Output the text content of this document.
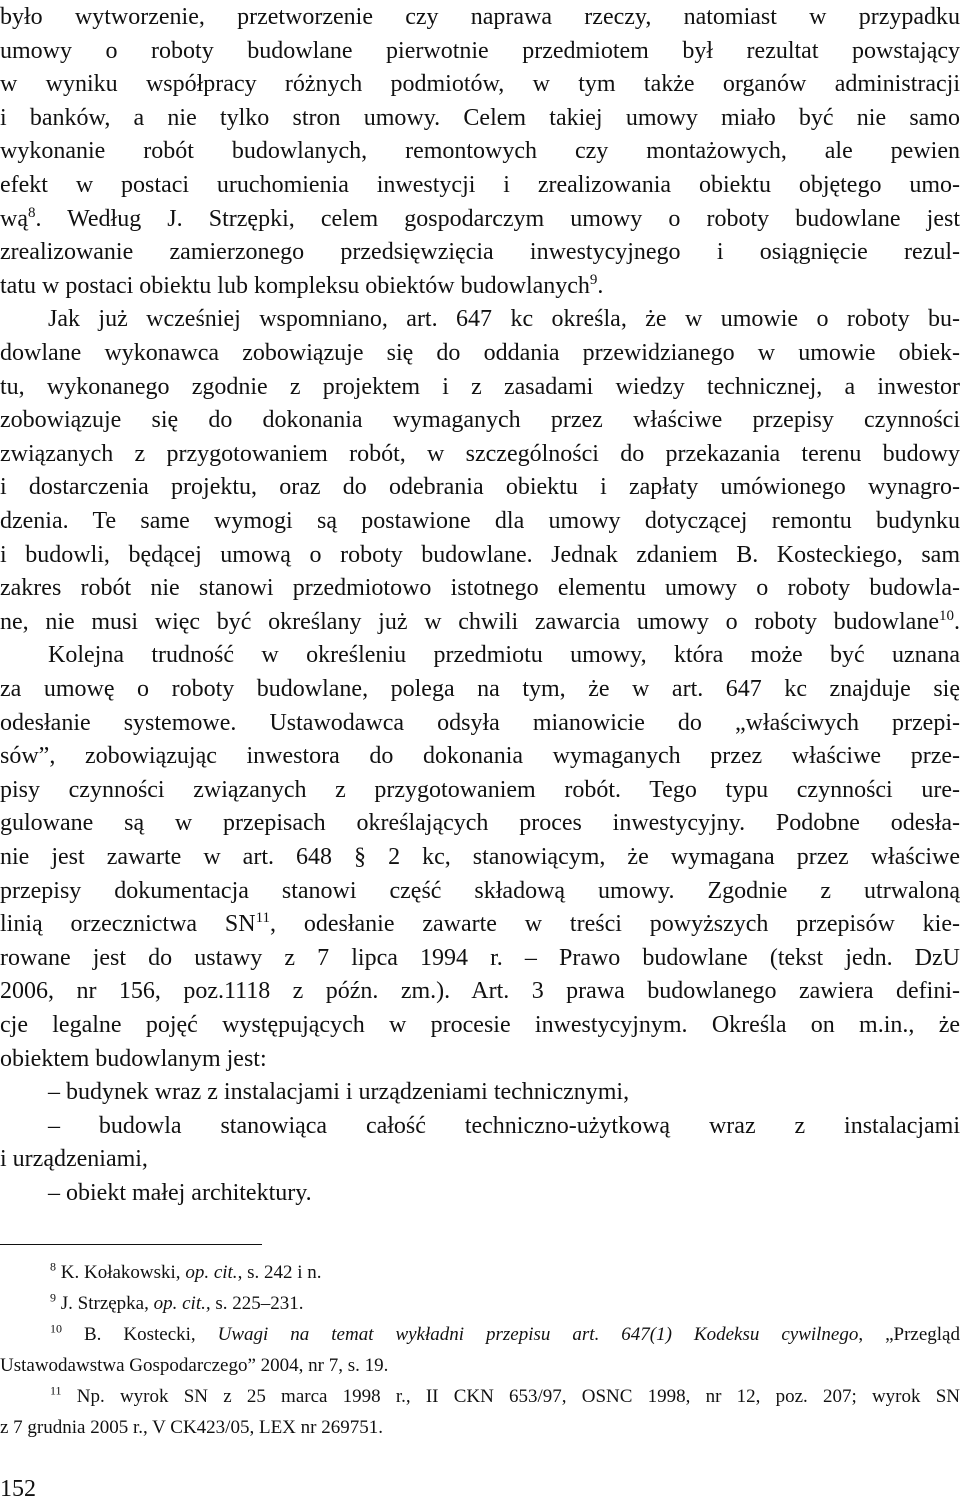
było wytworzenie, przetworzenie czy naprawa rzeczy, natomiast w przypadku
umowy o roboty budowlane pierwotnie przedmiotem był rezultat powstający
w wyniku współpracy różnych podmiotów, w tym także organów administracji
i banków, a nie tylko stron umowy. Celem takiej umowy miało być nie samo
wykonanie robót budowlanych, remontowych czy montażowych, ale pewien
efekt w postaci uruchomienia inwestycji i zrealizowania obiektu objętego umo-
$wą^8$. Według J. Strzępki, celem gospodarczym umowy o roboty budowlane jest
zrealizowanie zamierzonego przedsięwzięcia inwestycyjnego i osiągnięcie rezul-
tatu w postaci obiektu lub kompleksu obiektów budowlanych$^9$.
Jak już wcześniej wspomniano, art. 647 kc określa, że w umowie o roboty bu-
dowlane wykonawca zobowiązuje się do oddania przewidzianego w umowie obiek-
tu, wykonanego zgodnie z projektem i z zasadami wiedzy technicznej, a inwestor
zobowiązuje się do dokonania wymaganych przez właściwe przepisy czynności
związanych z przygotowaniem robót, w szczególności do przekazania terenu budowy
i dostarczenia projektu, oraz do odebrania obiektu i zapłaty umówionego wynagro-
dzenia. Te same wymogi są postawione dla umowy dotyczącej remontu budynku
i budowli, będącej umową o roboty budowlane. Jednak zdaniem B. Kosteckiego, sam
zakres robót nie stanowi przedmiotowo istotnego elementu umowy o roboty budowla-
ne, nie musi więc być określany już w chwili zawarcia umowy o roboty budowlane$^{10}$.
Kolejna trudność w określeniu przedmiotu umowy, która może być uznana
za umowę o roboty budowlane, polega na tym, że w art. 647 kc znajduje się
odesłanie systemowe. Ustawodawca odsyła mianowicie do „właściwych przepi-
sów”, zobowiązując inwestora do dokonania wymaganych przez właściwe prze-
pisy czynności związanych z przygotowaniem robót. Tego typu czynności ure-
gulowane są w przepisach określających proces inwestycyjny. Podobne odesła-
nie jest zawarte w art. 648 § 2 kc, stanowiącym, że wymagana przez właściwe
przepisy dokumentacja stanowi część składową umowy. Zgodnie z utrwaloną
linią orzecznictwa SN$^{11}$, odesłanie zawarte w treści powyższych przepisów kie-
rowane jest do ustawy z 7 lipca 1994 r. – Prawo budowlane (tekst jedn. DzU
2006, nr 156, poz.1118 z późn. zm.). Art. 3 prawa budowlanego zawiera defini-
cje legalne pojęć występujących w procesie inwestycyjnym. Określa on m.in., że
obiektem budowlanym jest:
– budynek wraz z instalacjami i urządzeniami technicznymi,
– budowla stanowiąca całość techniczno-użytkową wraz z instalacjami
i urządzeniami,
– obiekt małej architektury.
$^8$ K. Kołakowski, op. cit., s. 242 i n.
$^9$ J. Strzępka, op. cit., s. 225–231.
$^{10}$ B. Kostecki, Uwagi na temat wykładni przepisu art. 647(1) Kodeksu cywilnego, „Przegląd
Ustawodawstwa Gospodarczego” 2004, nr 7, s. 19.
$^{11}$ Np. wyrok SN z 25 marca 1998 r., II CKN 653/97, OSNC 1998, nr 12, poz. 207; wyrok SN
z 7 grudnia 2005 r., V CK423/05, LEX nr 269751.
152
